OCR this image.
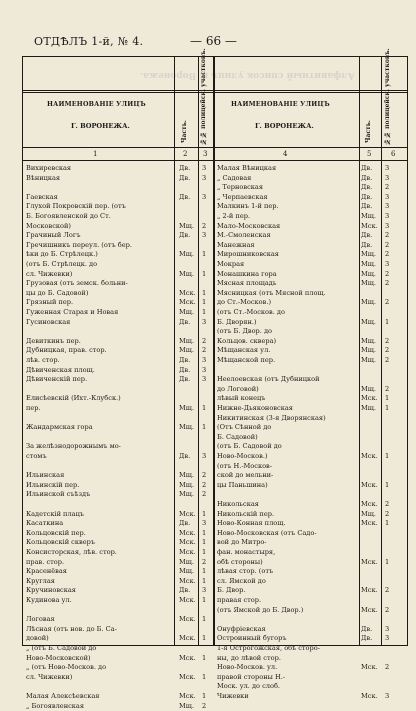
Алфавитный список улицъ г. Воронежа.
ОТДѢЛЪ 1-й, № 4.	— 66 —
НАИМЕНОВАНІЕ УЛИЦЪ
Г. ВОРОНЕЖА.
НАИМЕНОВАНІЕ УЛИЦЪ
Г. ВОРОНЕЖА.
Часть. №№ полицейск. участковъ.	Часть. №№ полицейск. участковъ.
1	2 3	4	5	6
Вихиревская	Дв. 3
Вѣницкая	Дв. 3
Гаевская	Дв. 3
Глухой Покровскій пер. (отъ
Б. Богоявленской до Ст.
Московской)	Мщ. 2
Грачиный Логъ	Дв. 3
Гречишникъ переул. (отъ бер.
ѣки до Б. Стрѣлецк.)	Мщ. 1
(отъ Б. Стрѣлецк. до
сл. Чижевки)	Мщ. 1
Грузовая (отъ земск. больни-
цы до Б. Садовой)	Мск. 1
Грязный пер.	Мск. 1
Гуженная Старая и Новая	Мщ. 1
Гусиновская	Дв. 3
Девиткинъ пер.	Мщ. 2
Дубницкая, прав. стор.	Мщ. 2
лѣв. стор.	Дв. 3
Дѣвиченская площ.	Дв. 3
Дѣвиченскій пер.	Дв. 3
Елисѣевскій (Ихт.-Клубск.)
пер.	Мщ. 1
Жандармская гора	Мщ. 1
За желѣзнодорожнымъ мо-
стомъ	Дв. 3
Ильинская	Мщ. 2
Ильинскій пер.	Мщ. 2
Ильинской съѣздъ	Мщ. 2
Кадетскій плацъ	Мск. 1
Касаткина	Дв. 3
Кольцовскій пер.	Мск. 1
Кольцовскій скверъ	Мск. 1
Консисторская, лѣв. стор.	Мск. 1
прав. стор.	Мщ. 2
Красенёвая	Мщ. 1
Круглая	Мск. 1
Кручиновская	Дв. 3
Кудинова ул.	Мск. 1
Логовая	Мск. 1
Лѣсная (отъ нов. до Б. Са-
довой)	Мск. 1
„ (отъ Б. Садовой до
Ново-Московской)	Мск. 1
„ (отъ Ново-Москов. до
сл. Чижевки)	Мск. 1
Малая Алексѣевская	Мск. 1
„ Богоявленская	Мщ. 2
Малая Вѣницкая	Дв. 3
„ Садовая	Дв. 3
„ Терновская	Дв. 2
„ Черпаевская	Дв. 3
Малкинъ 1-й пер.	Дв. 3
„ 2-й пер.	Мщ. 3
Мало-Московская	Мск. 3
М.-Смоленская	Дв. 2
Манежная	Дв. 2
Мирошниковская	Мщ. 2
Мокрая	Мщ. 3
Монашкина гора	Мщ. 2
Мясная площадь	Мщ. 2
Мясницкая (отъ Мясной площ.
до Ст.-Москов.)	Мщ. 2
(отъ Ст.-Москов. до
Б. Дворян.)	Мщ. 1
(отъ Б. Двор. до
Кольцов. сквера)	Мщ. 2
Мѣщанская ул.	Мщ. 2
Мѣщанской пер.	Мщ. 2
Неелоевская (отъ Дубницкой
до Логовой)	Мщ. 2
лѣвый конецъ	Мск. 1
Нижне-Дьяконовская	Мщ. 1
Никитинская (3-я Дворянская)
(Отъ Сѣнной до
Б. Садовой)
(отъ Б. Садовой до
Ново-Москов.)	Мск. 1
(отъ Н.-Москов-
ской до мельни-
цы Паньшина)	Мск. 1
Никольская	Мск. 2
Никольскій пер.	Мщ. 2
Ново-Конная площ.	Мск. 1
Ново-Московская (отъ Садо-
вой до Митро-
фан. монастыря,
обѣ стороны)	Мск. 1
лѣвая стор. (отъ
сл. Ямской до
Б. Двор.	Мск. 2
правая стор.
(отъ Ямской до Б. Двор.)	Мск. 2
Онуфріевская	Дв. 3
Остроинный бугоръ	Дв. 3
1-я Острогожская, обѣ сторо-
ны, до лѣвой стор.
Ново-Москов. ул.	Мск. 2
правой стороны Н.-
Моск. ул. до слоб.
Чижевки	Мск. 3
